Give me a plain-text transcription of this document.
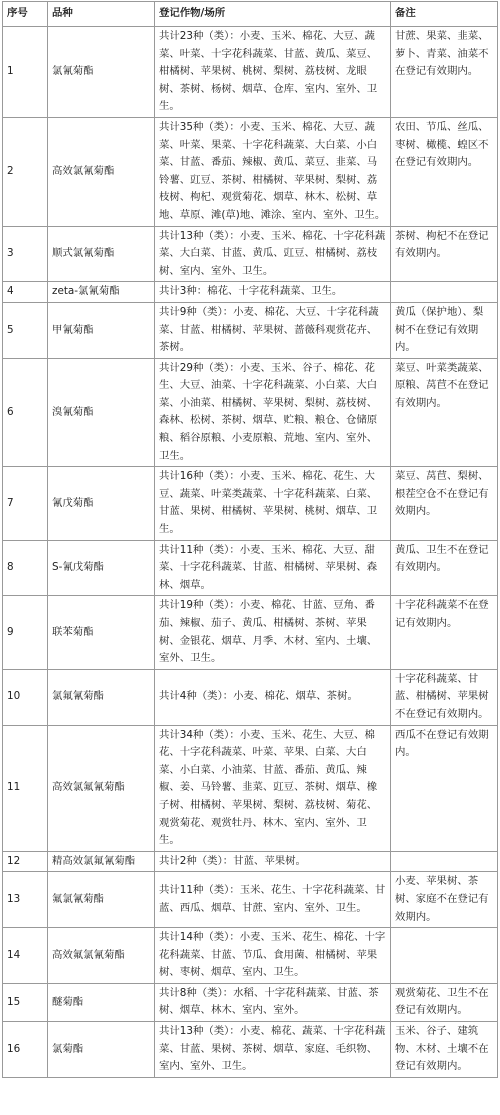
序号	品种	登记作物/场所	备注
1	氯氰菊酯	共计23种（类）：小麦、玉米、棉花、大豆、蔬菜、叶菜、十字花科蔬菜、甘蓝、黄瓜、菜豆、柑橘树、苹果树、桃树、梨树、荔枝树、龙眼树、茶树、杨树、烟草、仓库、室内、室外、卫生。	甘蔗、果菜、韭菜、萝卜、青菜、油菜不在登记有效期内。
2	高效氯氰菊酯	共计35种（类）：小麦、玉米、棉花、大豆、蔬菜、叶菜、果菜、十字花科蔬菜、大白菜、小白菜、甘蓝、番茄、辣椒、黄瓜、菜豆、韭菜、马铃薯、豇豆、茶树、柑橘树、苹果树、梨树、荔枝树、枸杞、观赏菊花、烟草、林木、松树、草地、草原、滩(草)地、滩涂、室内、室外、卫生。	农田、节瓜、丝瓜、枣树、橄榄、蝗区不在登记有效期内。
3	顺式氯氰菊酯	共计13种（类）：小麦、玉米、棉花、十字花科蔬菜、大白菜、甘蓝、黄瓜、豇豆、柑橘树、荔枝树、室内、室外、卫生。	茶树、枸杞不在登记有效期内。
4	zeta-氯氰菊酯	共计3种：棉花、十字花科蔬菜、卫生。	
5	甲氰菊酯	共计9种（类）：小麦、棉花、大豆、十字花科蔬菜、甘蓝、柑橘树、苹果树、蔷薇科观赏花卉、茶树。	黄瓜（保护地）、梨树不在登记有效期内。
6	溴氰菊酯	共计29种（类）：小麦、玉米、谷子、棉花、花生、大豆、油菜、十字花科蔬菜、小白菜、大白菜、小油菜、柑橘树、苹果树、梨树、荔枝树、森林、松树、茶树、烟草、贮粮、粮仓、仓储原粮、稻谷原粮、小麦原粮、荒地、室内、室外、卫生。	菜豆、叶菜类蔬菜、原粮、莴苣不在登记有效期内。
7	氰戊菊酯	共计16种（类）：小麦、玉米、棉花、花生、大豆、蔬菜、叶菜类蔬菜、十字花科蔬菜、白菜、甘蓝、果树、柑橘树、苹果树、桃树、烟草、卫生。	菜豆、莴苣、梨树、根茬空仓不在登记有效期内。
8	S-氰戊菊酯	共计11种（类）：小麦、玉米、棉花、大豆、甜菜、十字花科蔬菜、甘蓝、柑橘树、苹果树、森林、烟草。	黄瓜、卫生不在登记有效期内。
9	联苯菊酯	共计19种（类）：小麦、棉花、甘蓝、豆角、番茄、辣椒、茄子、黄瓜、柑橘树、茶树、苹果树、金银花、烟草、月季、木材、室内、土壤、室外、卫生。	十字花科蔬菜不在登记有效期内。
10	氯氟氰菊酯	共计4种（类）：小麦、棉花、烟草、茶树。	十字花科蔬菜、甘蓝、柑橘树、苹果树不在登记有效期内。
11	高效氯氟氰菊酯	共计34种（类）：小麦、玉米、花生、大豆、棉花、十字花科蔬菜、叶菜、苹果、白菜、大白菜、小白菜、小油菜、甘蓝、番茄、黄瓜、辣椒、姜、马铃薯、韭菜、豇豆、茶树、烟草、橡子树、柑橘树、苹果树、梨树、荔枝树、菊花、观赏菊花、观赏牡丹、林木、室内、室外、卫生。	西瓜不在登记有效期内。
12	精高效氯氟氰菊酯	共计2种（类）：甘蓝、苹果树。	
13	氟氯氰菊酯	共计11种（类）：玉米、花生、十字花科蔬菜、甘蓝、西瓜、烟草、甘蔗、室内、室外、卫生。	小麦、苹果树、茶树、家庭不在登记有效期内。
14	高效氟氯氰菊酯	共计14种（类）：小麦、玉米、花生、棉花、十字花科蔬菜、甘蓝、节瓜、食用菌、柑橘树、苹果树、枣树、烟草、室内、卫生。	
15	醚菊酯	共计8种（类）：水稻、十字花科蔬菜、甘蓝、茶树、烟草、林木、室内、室外。	观赏菊花、卫生不在登记有效期内。
16	氯菊酯	共计13种（类）：小麦、棉花、蔬菜、十字花科蔬菜、甘蓝、果树、茶树、烟草、家庭、毛织物、室内、室外、卫生。	玉米、谷子、建筑物、木材、土壤不在登记有效期内。
